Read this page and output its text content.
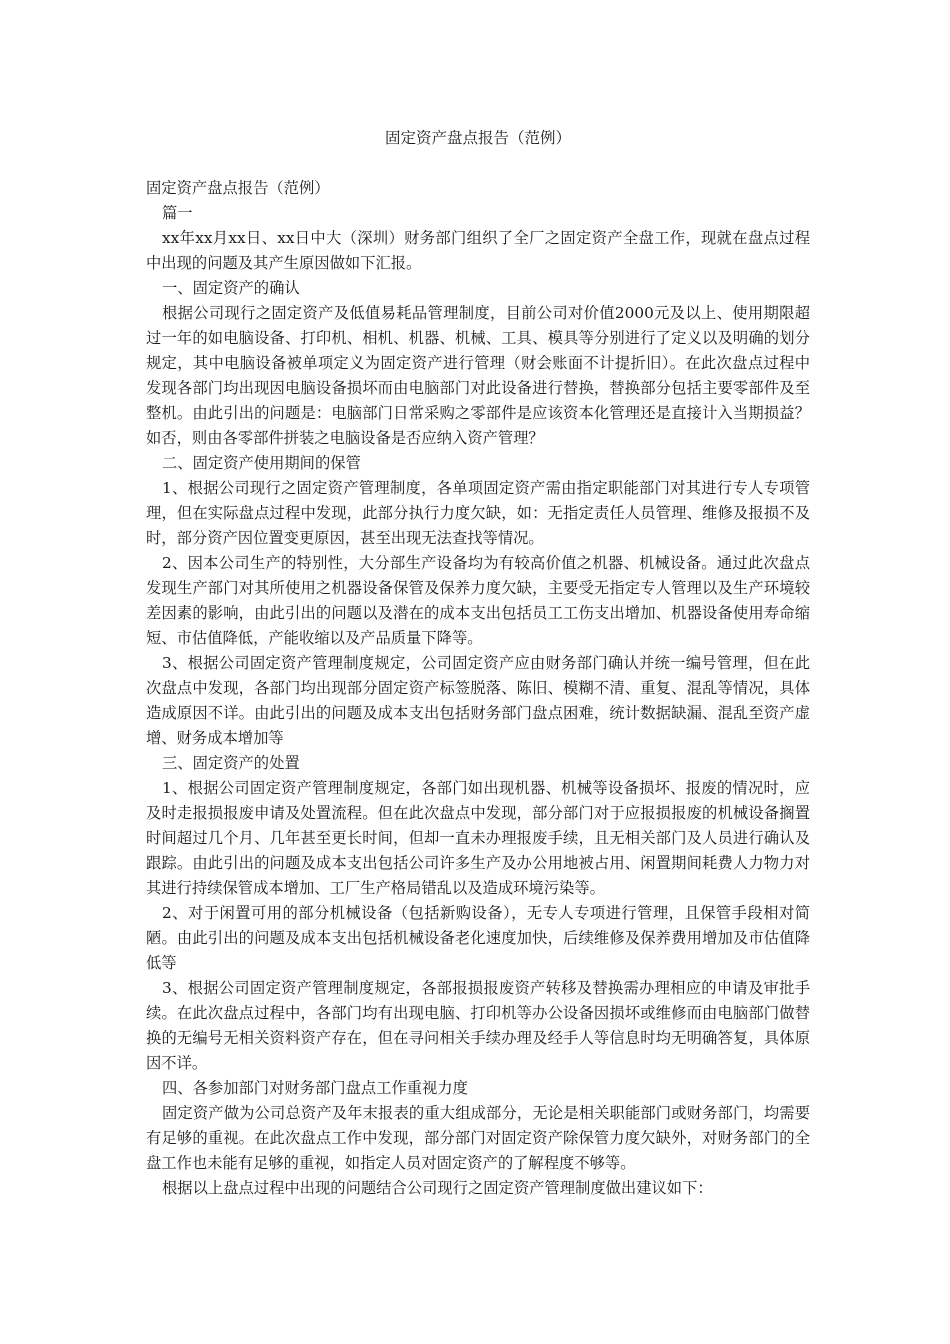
固定资产盘点报告（范例）

固定资产盘点报告（范例）

篇一

xx年xx月xx日、xx日中大（深圳）财务部门组织了全厂之固定资产全盘工作，现就在盘点过程中出现的问题及其产生原因做如下汇报。

一、固定资产的确认

根据公司现行之固定资产及低值易耗品管理制度，目前公司对价值2000元及以上、使用期限超过一年的如电脑设备、打印机、相机、机器、机械、工具、模具等分别进行了定义以及明确的划分规定，其中电脑设备被单项定义为固定资产进行管理（财会账面不计提折旧）。在此次盘点过程中发现各部门均出现因电脑设备损坏而由电脑部门对此设备进行替换，替换部分包括主要零部件及至整机。由此引出的问题是：电脑部门日常采购之零部件是应该资本化管理还是直接计入当期损益？如否，则由各零部件拼装之电脑设备是否应纳入资产管理？

二、固定资产使用期间的保管

1、根据公司现行之固定资产管理制度，各单项固定资产需由指定职能部门对其进行专人专项管理，但在实际盘点过程中发现，此部分执行力度欠缺，如：无指定责任人员管理、维修及报损不及时，部分资产因位置变更原因，甚至出现无法查找等情况。

2、因本公司生产的特别性，大分部生产设备均为有较高价值之机器、机械设备。通过此次盘点发现生产部门对其所使用之机器设备保管及保养力度欠缺，主要受无指定专人管理以及生产环境较差因素的影响，由此引出的问题以及潜在的成本支出包括员工工伤支出增加、机器设备使用寿命缩短、市估值降低，产能收缩以及产品质量下降等。

3、根据公司固定资产管理制度规定，公司固定资产应由财务部门确认并统一编号管理，但在此次盘点中发现，各部门均出现部分固定资产标签脱落、陈旧、模糊不清、重复、混乱等情况，具体造成原因不详。由此引出的问题及成本支出包括财务部门盘点困难，统计数据缺漏、混乱至资产虚增、财务成本增加等

三、固定资产的处置

1、根据公司固定资产管理制度规定，各部门如出现机器、机械等设备损坏、报废的情况时，应及时走报损报废申请及处置流程。但在此次盘点中发现，部分部门对于应报损报废的机械设备搁置时间超过几个月、几年甚至更长时间，但却一直未办理报废手续，且无相关部门及人员进行确认及跟踪。由此引出的问题及成本支出包括公司许多生产及办公用地被占用、闲置期间耗费人力物力对其进行持续保管成本增加、工厂生产格局错乱以及造成环境污染等。

2、对于闲置可用的部分机械设备（包括新购设备），无专人专项进行管理，且保管手段相对简陋。由此引出的问题及成本支出包括机械设备老化速度加快，后续维修及保养费用增加及市估值降低等

3、根据公司固定资产管理制度规定，各部报损报废资产转移及替换需办理相应的申请及审批手续。在此次盘点过程中，各部门均有出现电脑、打印机等办公设备因损坏或维修而由电脑部门做替换的无编号无相关资料资产存在，但在寻问相关手续办理及经手人等信息时均无明确答复，具体原因不详。

四、各参加部门对财务部门盘点工作重视力度

固定资产做为公司总资产及年末报表的重大组成部分，无论是相关职能部门或财务部门，均需要有足够的重视。在此次盘点工作中发现，部分部门对固定资产除保管力度欠缺外，对财务部门的全盘工作也未能有足够的重视，如指定人员对固定资产的了解程度不够等。

根据以上盘点过程中出现的问题结合公司现行之固定资产管理制度做出建议如下：
